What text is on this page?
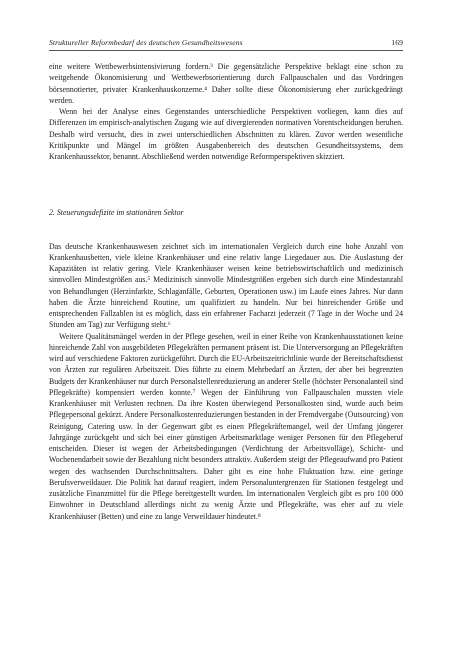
Struktureller Reformbedarf des deutschen Gesundheitswesens	169

eine weitere Wettbewerbsintensivierung fordern.³ Die gegensätzliche Perspektive beklagt eine schon zu weitgehende Ökonomisierung und Wettbewerbsorientierung durch Fallpauschalen und das Vordringen börsennotierter, privater Krankenhauskonzerne.⁴ Daher sollte diese Ökonomisierung eher zurückgedrängt werden.

Wenn bei der Analyse eines Gegenstandes unterschiedliche Perspektiven vorliegen, kann dies auf Differenzen im empirisch-analytischen Zugang wie auf divergierenden normativen Vorentscheidungen beruhen. Deshalb wird versucht, dies in zwei unterschiedlichen Abschnitten zu klären. Zuvor werden wesentliche Kritikpunkte und Mängel im größten Ausgabenbereich des deutschen Gesundheitssystems, dem Krankenhaussektor, benannt. Abschließend werden notwendige Reformperspektiven skizziert.

2. Steuerungsdefizite im stationären Sektor

Das deutsche Krankenhauswesen zeichnet sich im internationalen Vergleich durch eine hohe Anzahl von Krankenhausbetten, viele kleine Krankenhäuser und eine relativ lange Liegedauer aus. Die Auslastung der Kapazitäten ist relativ gering. Viele Krankenhäuser weisen keine betriebswirtschaftlich und medizinisch sinnvollen Mindestgrößen aus.⁵ Medizinisch sinnvolle Mindestgrößen ergeben sich durch eine Mindestanzahl von Behandlungen (Herzinfarkte, Schlaganfälle, Geburten, Operationen usw.) im Laufe eines Jahres. Nur dann haben die Ärzte hinreichend Routine, um qualifiziert zu handeln. Nur bei hinreichender Größe und entsprechenden Fallzahlen ist es möglich, dass ein erfahrener Facharzt jederzeit (7 Tage in der Woche und 24 Stunden am Tag) zur Verfügung steht.⁶

Weitere Qualitätsmängel werden in der Pflege gesehen, weil in einer Reihe von Krankenhausstationen keine hinreichende Zahl von ausgebildeten Pflegekräften permanent präsent ist. Die Unterversorgung an Pflegekräften wird auf verschiedene Faktoren zurückgeführt. Durch die EU-Arbeitszeitrichtlinie wurde der Bereitschaftsdienst von Ärzten zur regulären Arbeitszeit. Dies führte zu einem Mehrbedarf an Ärzten, der aber bei begrenzten Budgets der Krankenhäuser nur durch Personalstellenreduzierung an anderer Stelle (höchster Personalanteil sind Pflegekräfte) kompensiert werden konnte.⁷ Wegen der Einführung von Fallpauschalen mussten viele Krankenhäuser mit Verlusten rechnen. Da ihre Kosten überwiegend Personalkosten sind, wurde auch beim Pflegepersonal gekürzt. Andere Personalkostenreduzierungen bestanden in der Fremdvergabe (Outsourcing) von Reinigung, Catering usw. In der Gegenwart gibt es einen Pflegekräftemangel, weil der Umfang jüngerer Jahrgänge zurückgeht und sich bei einer günstigen Arbeitsmarktlage weniger Personen für den Pflegeberuf entscheiden. Dieser ist wegen der Arbeitsbedingungen (Verdichtung der Arbeitsvolläge), Schicht- und Wochenendarbeit sowie der Bezahlung nicht besonders attraktiv. Außerdem steigt der Pflegeaufwand pro Patient wegen des wachsenden Durchschnittsalters. Daher gibt es eine hohe Fluktuation bzw. eine geringe Berufsverweildauer. Die Politik hat darauf reagiert, indem Personaluntergrenzen für Stationen festgelegt und zusätzliche Finanzmittel für die Pflege bereitgestellt wurden. Im internationalen Vergleich gibt es pro 100 000 Einwohner in Deutschland allerdings nicht zu wenig Ärzte und Pflegekräfte, was eher auf zu viele Krankenhäuser (Betten) und eine zu lange Verweildauer hindeutet.⁸
